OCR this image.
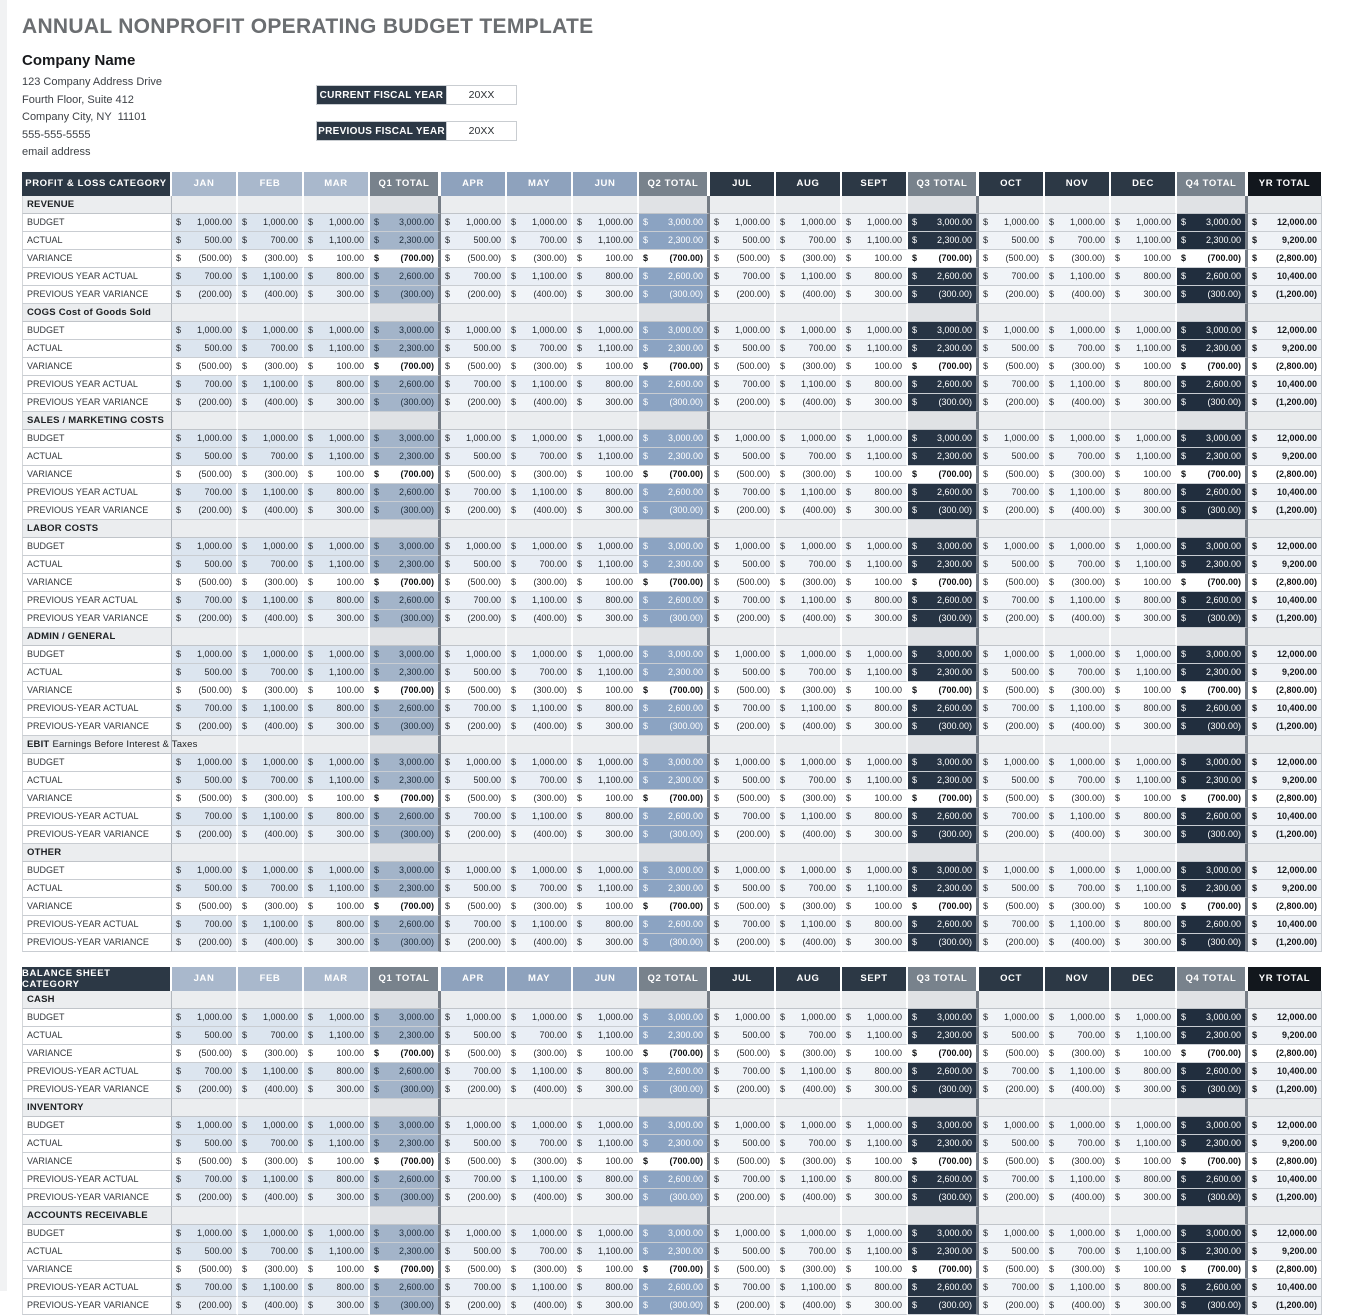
ANNUAL NONPROFIT OPERATING BUDGET TEMPLATE
Company Name
123 Company Address Drive
Fourth Floor, Suite 412
Company City, NY  11101
555-555-5555
email address
CURRENT FISCAL YEAR	20XX
PREVIOUS FISCAL YEAR	20XX
PROFIT & LOSS CATEGORY	JAN	FEB	MAR	Q1 TOTAL	APR	MAY	JUN	Q2 TOTAL	JUL	AUG	SEPT	Q3 TOTAL	OCT	NOV	DEC	Q4 TOTAL	YR TOTAL
REVENUE
BUDGET	$ 1,000.00 $ 1,000.00 $ 1,000.00 $ 3,000.00 $ 1,000.00 $ 1,000.00 $ 1,000.00 $ 3,000.00 $ 1,000.00 $ 1,000.00 $ 1,000.00 $ 3,000.00 $ 1,000.00 $ 1,000.00 $ 1,000.00 $ 3,000.00 $ 12,000.00
ACTUAL	$	500.00 $	700.00 $ 1,100.00 $ 2,300.00 $	500.00 $	700.00 $ 1,100.00 $ 2,300.00 $	500.00 $	700.00 $ 1,100.00 $ 2,300.00 $	500.00 $	700.00 $ 1,100.00 $ 2,300.00 $	9,200.00
VARIANCE	$ (500.00) $ (300.00) $	100.00 $ (700.00) $ (500.00) $ (300.00) $	100.00 $ (700.00) $ (500.00) $ (300.00) $	100.00 $ (700.00) $ (500.00) $ (300.00) $	100.00 $ (700.00) $ (2,800.00)
PREVIOUS YEAR ACTUAL	$	700.00 $ 1,100.00 $	800.00 $ 2,600.00 $	700.00 $ 1,100.00 $	800.00 $ 2,600.00 $	700.00 $ 1,100.00 $	800.00 $ 2,600.00 $	700.00 $ 1,100.00 $	800.00 $ 2,600.00 $ 10,400.00
PREVIOUS YEAR VARIANCE	$ (200.00) $ (400.00) $	300.00 $ (300.00) $ (200.00) $ (400.00) $	300.00 $ (300.00) $ (200.00) $ (400.00) $	300.00 $ (300.00) $ (200.00) $ (400.00) $	300.00 $ (300.00) $ (1,200.00)
COGS Cost of Goods Sold
BUDGET	$ 1,000.00 $ 1,000.00 $ 1,000.00 $ 3,000.00 $ 1,000.00 $ 1,000.00 $ 1,000.00 $ 3,000.00 $ 1,000.00 $ 1,000.00 $ 1,000.00 $ 3,000.00 $ 1,000.00 $ 1,000.00 $ 1,000.00 $ 3,000.00 $ 12,000.00
ACTUAL	$	500.00 $	700.00 $ 1,100.00 $ 2,300.00 $	500.00 $	700.00 $ 1,100.00 $ 2,300.00 $	500.00 $	700.00 $ 1,100.00 $ 2,300.00 $	500.00 $	700.00 $ 1,100.00 $ 2,300.00 $	9,200.00
VARIANCE	$ (500.00) $ (300.00) $	100.00 $ (700.00) $ (500.00) $ (300.00) $	100.00 $ (700.00) $ (500.00) $ (300.00) $	100.00 $ (700.00) $ (500.00) $ (300.00) $	100.00 $ (700.00) $ (2,800.00)
PREVIOUS YEAR ACTUAL	$	700.00 $ 1,100.00 $	800.00 $ 2,600.00 $	700.00 $ 1,100.00 $	800.00 $ 2,600.00 $	700.00 $ 1,100.00 $	800.00 $ 2,600.00 $	700.00 $ 1,100.00 $	800.00 $ 2,600.00 $ 10,400.00
PREVIOUS YEAR VARIANCE	$ (200.00) $ (400.00) $	300.00 $ (300.00) $ (200.00) $ (400.00) $	300.00 $ (300.00) $ (200.00) $ (400.00) $	300.00 $ (300.00) $ (200.00) $ (400.00) $	300.00 $ (300.00) $ (1,200.00)
SALES / MARKETING COSTS
BUDGET	$ 1,000.00 $ 1,000.00 $ 1,000.00 $ 3,000.00 $ 1,000.00 $ 1,000.00 $ 1,000.00 $ 3,000.00 $ 1,000.00 $ 1,000.00 $ 1,000.00 $ 3,000.00 $ 1,000.00 $ 1,000.00 $ 1,000.00 $ 3,000.00 $ 12,000.00
ACTUAL	$	500.00 $	700.00 $ 1,100.00 $ 2,300.00 $	500.00 $	700.00 $ 1,100.00 $ 2,300.00 $	500.00 $	700.00 $ 1,100.00 $ 2,300.00 $	500.00 $	700.00 $ 1,100.00 $ 2,300.00 $	9,200.00
VARIANCE	$ (500.00) $ (300.00) $	100.00 $ (700.00) $ (500.00) $ (300.00) $	100.00 $ (700.00) $ (500.00) $ (300.00) $	100.00 $ (700.00) $ (500.00) $ (300.00) $	100.00 $ (700.00) $ (2,800.00)
PREVIOUS YEAR ACTUAL	$	700.00 $ 1,100.00 $	800.00 $ 2,600.00 $	700.00 $ 1,100.00 $	800.00 $ 2,600.00 $	700.00 $ 1,100.00 $	800.00 $ 2,600.00 $	700.00 $ 1,100.00 $	800.00 $ 2,600.00 $ 10,400.00
PREVIOUS YEAR VARIANCE	$ (200.00) $ (400.00) $	300.00 $ (300.00) $ (200.00) $ (400.00) $	300.00 $ (300.00) $ (200.00) $ (400.00) $	300.00 $ (300.00) $ (200.00) $ (400.00) $	300.00 $ (300.00) $ (1,200.00)
LABOR COSTS
BUDGET	$ 1,000.00 $ 1,000.00 $ 1,000.00 $ 3,000.00 $ 1,000.00 $ 1,000.00 $ 1,000.00 $ 3,000.00 $ 1,000.00 $ 1,000.00 $ 1,000.00 $ 3,000.00 $ 1,000.00 $ 1,000.00 $ 1,000.00 $ 3,000.00 $ 12,000.00
ACTUAL	$	500.00 $	700.00 $ 1,100.00 $ 2,300.00 $	500.00 $	700.00 $ 1,100.00 $ 2,300.00 $	500.00 $	700.00 $ 1,100.00 $ 2,300.00 $	500.00 $	700.00 $ 1,100.00 $ 2,300.00 $	9,200.00
VARIANCE	$ (500.00) $ (300.00) $	100.00 $ (700.00) $ (500.00) $ (300.00) $	100.00 $ (700.00) $ (500.00) $ (300.00) $	100.00 $ (700.00) $ (500.00) $ (300.00) $	100.00 $ (700.00) $ (2,800.00)
PREVIOUS YEAR ACTUAL	$	700.00 $ 1,100.00 $	800.00 $ 2,600.00 $	700.00 $ 1,100.00 $	800.00 $ 2,600.00 $	700.00 $ 1,100.00 $	800.00 $ 2,600.00 $	700.00 $ 1,100.00 $	800.00 $ 2,600.00 $ 10,400.00
PREVIOUS YEAR VARIANCE	$ (200.00) $ (400.00) $	300.00 $ (300.00) $ (200.00) $ (400.00) $	300.00 $ (300.00) $ (200.00) $ (400.00) $	300.00 $ (300.00) $ (200.00) $ (400.00) $	300.00 $ (300.00) $ (1,200.00)
ADMIN / GENERAL
BUDGET	$ 1,000.00 $ 1,000.00 $ 1,000.00 $ 3,000.00 $ 1,000.00 $ 1,000.00 $ 1,000.00 $ 3,000.00 $ 1,000.00 $ 1,000.00 $ 1,000.00 $ 3,000.00 $ 1,000.00 $ 1,000.00 $ 1,000.00 $ 3,000.00 $ 12,000.00
ACTUAL	$	500.00 $	700.00 $ 1,100.00 $ 2,300.00 $	500.00 $	700.00 $ 1,100.00 $ 2,300.00 $	500.00 $	700.00 $ 1,100.00 $ 2,300.00 $	500.00 $	700.00 $ 1,100.00 $ 2,300.00 $	9,200.00
VARIANCE	$ (500.00) $ (300.00) $	100.00 $ (700.00) $ (500.00) $ (300.00) $	100.00 $ (700.00) $ (500.00) $ (300.00) $	100.00 $ (700.00) $ (500.00) $ (300.00) $	100.00 $ (700.00) $ (2,800.00)
PREVIOUS-YEAR ACTUAL	$	700.00 $ 1,100.00 $	800.00 $ 2,600.00 $	700.00 $ 1,100.00 $	800.00 $ 2,600.00 $	700.00 $ 1,100.00 $	800.00 $ 2,600.00 $	700.00 $ 1,100.00 $	800.00 $ 2,600.00 $ 10,400.00
PREVIOUS-YEAR VARIANCE	$ (200.00) $ (400.00) $	300.00 $ (300.00) $ (200.00) $ (400.00) $	300.00 $ (300.00) $ (200.00) $ (400.00) $	300.00 $ (300.00) $ (200.00) $ (400.00) $	300.00 $ (300.00) $ (1,200.00)
EBIT Earnings Before Interest & Taxes
BUDGET	$ 1,000.00 $ 1,000.00 $ 1,000.00 $ 3,000.00 $ 1,000.00 $ 1,000.00 $ 1,000.00 $ 3,000.00 $ 1,000.00 $ 1,000.00 $ 1,000.00 $ 3,000.00 $ 1,000.00 $ 1,000.00 $ 1,000.00 $ 3,000.00 $ 12,000.00
ACTUAL	$	500.00 $	700.00 $ 1,100.00 $ 2,300.00 $	500.00 $	700.00 $ 1,100.00 $ 2,300.00 $	500.00 $	700.00 $ 1,100.00 $ 2,300.00 $	500.00 $	700.00 $ 1,100.00 $ 2,300.00 $	9,200.00
VARIANCE	$ (500.00) $ (300.00) $	100.00 $ (700.00) $ (500.00) $ (300.00) $	100.00 $ (700.00) $ (500.00) $ (300.00) $	100.00 $ (700.00) $ (500.00) $ (300.00) $	100.00 $ (700.00) $ (2,800.00)
PREVIOUS-YEAR ACTUAL	$	700.00 $ 1,100.00 $	800.00 $ 2,600.00 $	700.00 $ 1,100.00 $	800.00 $ 2,600.00 $	700.00 $ 1,100.00 $	800.00 $ 2,600.00 $	700.00 $ 1,100.00 $	800.00 $ 2,600.00 $ 10,400.00
PREVIOUS-YEAR VARIANCE	$ (200.00) $ (400.00) $	300.00 $ (300.00) $ (200.00) $ (400.00) $	300.00 $ (300.00) $ (200.00) $ (400.00) $	300.00 $ (300.00) $ (200.00) $ (400.00) $	300.00 $ (300.00) $ (1,200.00)
OTHER
BUDGET	$ 1,000.00 $ 1,000.00 $ 1,000.00 $ 3,000.00 $ 1,000.00 $ 1,000.00 $ 1,000.00 $ 3,000.00 $ 1,000.00 $ 1,000.00 $ 1,000.00 $ 3,000.00 $ 1,000.00 $ 1,000.00 $ 1,000.00 $ 3,000.00 $ 12,000.00
ACTUAL	$	500.00 $	700.00 $ 1,100.00 $ 2,300.00 $	500.00 $	700.00 $ 1,100.00 $ 2,300.00 $	500.00 $	700.00 $ 1,100.00 $ 2,300.00 $	500.00 $	700.00 $ 1,100.00 $ 2,300.00 $	9,200.00
VARIANCE	$ (500.00) $ (300.00) $	100.00 $ (700.00) $ (500.00) $ (300.00) $	100.00 $ (700.00) $ (500.00) $ (300.00) $	100.00 $ (700.00) $ (500.00) $ (300.00) $	100.00 $ (700.00) $ (2,800.00)
PREVIOUS-YEAR ACTUAL	$	700.00 $ 1,100.00 $	800.00 $ 2,600.00 $	700.00 $ 1,100.00 $	800.00 $ 2,600.00 $	700.00 $ 1,100.00 $	800.00 $ 2,600.00 $	700.00 $ 1,100.00 $	800.00 $ 2,600.00 $ 10,400.00
PREVIOUS-YEAR VARIANCE	$ (200.00) $ (400.00) $	300.00 $ (300.00) $ (200.00) $ (400.00) $	300.00 $ (300.00) $ (200.00) $ (400.00) $	300.00 $ (300.00) $ (200.00) $ (400.00) $	300.00 $ (300.00) $ (1,200.00)
BALANCE SHEET CATEGORY	JAN	FEB	MAR	Q1 TOTAL	APR	MAY	JUN	Q2 TOTAL	JUL	AUG	SEPT	Q3 TOTAL	OCT	NOV	DEC	Q4 TOTAL	YR TOTAL
CASH
BUDGET	$ 1,000.00 $ 1,000.00 $ 1,000.00 $ 3,000.00 $ 1,000.00 $ 1,000.00 $ 1,000.00 $ 3,000.00 $ 1,000.00 $ 1,000.00 $ 1,000.00 $ 3,000.00 $ 1,000.00 $ 1,000.00 $ 1,000.00 $ 3,000.00 $ 12,000.00
ACTUAL	$	500.00 $	700.00 $ 1,100.00 $ 2,300.00 $	500.00 $	700.00 $ 1,100.00 $ 2,300.00 $	500.00 $	700.00 $ 1,100.00 $ 2,300.00 $	500.00 $	700.00 $ 1,100.00 $ 2,300.00 $	9,200.00
VARIANCE	$ (500.00) $ (300.00) $	100.00 $ (700.00) $ (500.00) $ (300.00) $	100.00 $ (700.00) $ (500.00) $ (300.00) $	100.00 $ (700.00) $ (500.00) $ (300.00) $	100.00 $ (700.00) $ (2,800.00)
PREVIOUS-YEAR ACTUAL	$	700.00 $ 1,100.00 $	800.00 $ 2,600.00 $	700.00 $ 1,100.00 $	800.00 $ 2,600.00 $	700.00 $ 1,100.00 $	800.00 $ 2,600.00 $	700.00 $ 1,100.00 $	800.00 $ 2,600.00 $ 10,400.00
PREVIOUS-YEAR VARIANCE	$ (200.00) $ (400.00) $	300.00 $ (300.00) $ (200.00) $ (400.00) $	300.00 $ (300.00) $ (200.00) $ (400.00) $	300.00 $ (300.00) $ (200.00) $ (400.00) $	300.00 $ (300.00) $ (1,200.00)
INVENTORY
BUDGET	$ 1,000.00 $ 1,000.00 $ 1,000.00 $ 3,000.00 $ 1,000.00 $ 1,000.00 $ 1,000.00 $ 3,000.00 $ 1,000.00 $ 1,000.00 $ 1,000.00 $ 3,000.00 $ 1,000.00 $ 1,000.00 $ 1,000.00 $ 3,000.00 $ 12,000.00
ACTUAL	$	500.00 $	700.00 $ 1,100.00 $ 2,300.00 $	500.00 $	700.00 $ 1,100.00 $ 2,300.00 $	500.00 $	700.00 $ 1,100.00 $ 2,300.00 $	500.00 $	700.00 $ 1,100.00 $ 2,300.00 $	9,200.00
VARIANCE	$ (500.00) $ (300.00) $	100.00 $ (700.00) $ (500.00) $ (300.00) $	100.00 $ (700.00) $ (500.00) $ (300.00) $	100.00 $ (700.00) $ (500.00) $ (300.00) $	100.00 $ (700.00) $ (2,800.00)
PREVIOUS-YEAR ACTUAL	$	700.00 $ 1,100.00 $	800.00 $ 2,600.00 $	700.00 $ 1,100.00 $	800.00 $ 2,600.00 $	700.00 $ 1,100.00 $	800.00 $ 2,600.00 $	700.00 $ 1,100.00 $	800.00 $ 2,600.00 $ 10,400.00
PREVIOUS-YEAR VARIANCE	$ (200.00) $ (400.00) $	300.00 $ (300.00) $ (200.00) $ (400.00) $	300.00 $ (300.00) $ (200.00) $ (400.00) $	300.00 $ (300.00) $ (200.00) $ (400.00) $	300.00 $ (300.00) $ (1,200.00)
ACCOUNTS RECEIVABLE
BUDGET	$ 1,000.00 $ 1,000.00 $ 1,000.00 $ 3,000.00 $ 1,000.00 $ 1,000.00 $ 1,000.00 $ 3,000.00 $ 1,000.00 $ 1,000.00 $ 1,000.00 $ 3,000.00 $ 1,000.00 $ 1,000.00 $ 1,000.00 $ 3,000.00 $ 12,000.00
ACTUAL	$	500.00 $	700.00 $ 1,100.00 $ 2,300.00 $	500.00 $	700.00 $ 1,100.00 $ 2,300.00 $	500.00 $	700.00 $ 1,100.00 $ 2,300.00 $	500.00 $	700.00 $ 1,100.00 $ 2,300.00 $	9,200.00
VARIANCE	$ (500.00) $ (300.00) $	100.00 $ (700.00) $ (500.00) $ (300.00) $	100.00 $ (700.00) $ (500.00) $ (300.00) $	100.00 $ (700.00) $ (500.00) $ (300.00) $	100.00 $ (700.00) $ (2,800.00)
PREVIOUS-YEAR ACTUAL	$	700.00 $ 1,100.00 $	800.00 $ 2,600.00 $	700.00 $ 1,100.00 $	800.00 $ 2,600.00 $	700.00 $ 1,100.00 $	800.00 $ 2,600.00 $	700.00 $ 1,100.00 $	800.00 $ 2,600.00 $ 10,400.00
PREVIOUS-YEAR VARIANCE	$ (200.00) $ (400.00) $	300.00 $ (300.00) $ (200.00) $ (400.00) $	300.00 $ (300.00) $ (200.00) $ (400.00) $	300.00 $ (300.00) $ (200.00) $ (400.00) $	300.00 $ (300.00) $ (1,200.00)
